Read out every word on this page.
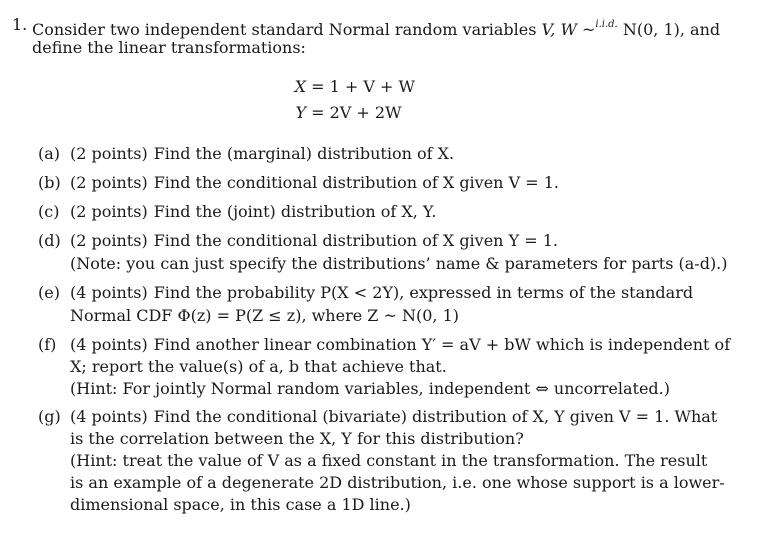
1. Consider two independent standard Normal random variables V, W ~$^{i.i.d.}$ N(0, 1), and
define the linear transformations:
X = 1 + V + W
Y = 2V + 2W
(a) (2 points) Find the (marginal) distribution of X.
(b) (2 points) Find the conditional distribution of X given V = 1.
(c) (2 points) Find the (joint) distribution of X, Y.
(d) (2 points) Find the conditional distribution of X given Y = 1.
(Note: you can just specify the distributions’ name & parameters for parts (a-d).)
(e) (4 points) Find the probability P(X < 2Y), expressed in terms of the standard
Normal CDF Φ(z) = P(Z ≤ z), where Z ~ N(0, 1)
(f) (4 points) Find another linear combination Y′ = aV + bW which is independent of
X; report the value(s) of a, b that achieve that.
(Hint: For jointly Normal random variables, independent ⇔ uncorrelated.)
(g) (4 points) Find the conditional (bivariate) distribution of X, Y given V = 1. What
is the correlation between the X, Y for this distribution?
(Hint: treat the value of V as a fixed constant in the transformation. The result
is an example of a degenerate 2D distribution, i.e. one whose support is a lower-
dimensional space, in this case a 1D line.)
